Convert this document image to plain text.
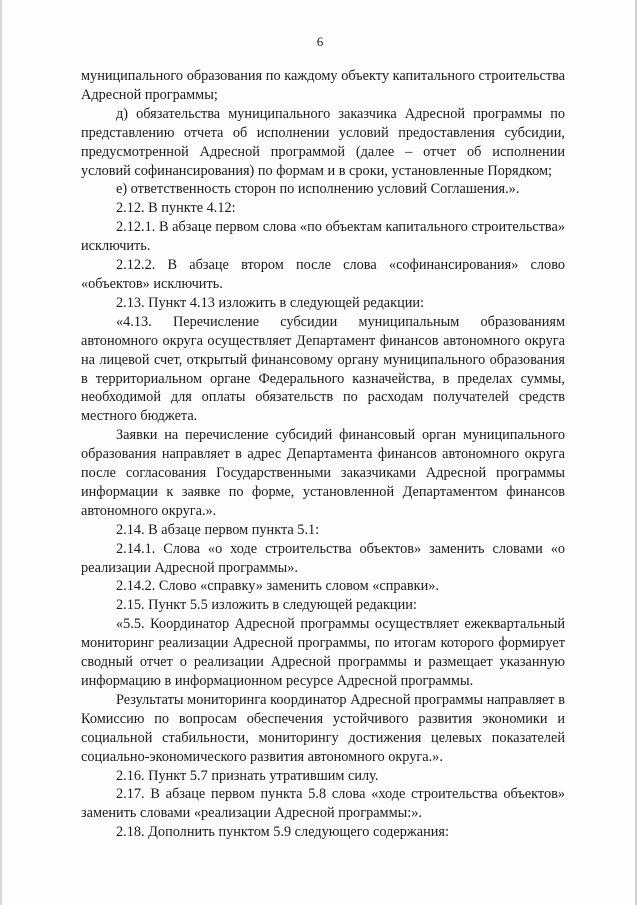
6

муниципального образования по каждому объекту капитального строительства Адресной программы;

д) обязательства муниципального заказчика Адресной программы по представлению отчета об исполнении условий предоставления субсидии, предусмотренной Адресной программой (далее – отчет об исполнении условий софинансирования) по формам и в сроки, установленные Порядком;

е) ответственность сторон по исполнению условий Соглашения.».

2.12. В пункте 4.12:

2.12.1. В абзаце первом слова «по объектам капитального строительства» исключить.

2.12.2. В абзаце втором после слова «софинансирования» слово «объектов» исключить.

2.13. Пункт 4.13 изложить в следующей редакции:

«4.13. Перечисление субсидии муниципальным образованиям автономного округа осуществляет Департамент финансов автономного округа на лицевой счет, открытый финансовому органу муниципального образования в территориальном органе Федерального казначейства, в пределах суммы, необходимой для оплаты обязательств по расходам получателей средств местного бюджета.

Заявки на перечисление субсидий финансовый орган муниципального образования направляет в адрес Департамента финансов автономного округа после согласования Государственными заказчиками Адресной программы информации к заявке по форме, установленной Департаментом финансов автономного округа.».

2.14. В абзаце первом пункта 5.1:

2.14.1. Слова «о ходе строительства объектов» заменить словами «о реализации Адресной программы».

2.14.2. Слово «справку» заменить словом «справки».

2.15. Пункт 5.5 изложить в следующей редакции:

«5.5. Координатор Адресной программы осуществляет ежеквартальный мониторинг реализации Адресной программы, по итогам которого формирует сводный отчет о реализации Адресной программы и размещает указанную информацию в информационном ресурсе Адресной программы.

Результаты мониторинга координатор Адресной программы направляет в Комиссию по вопросам обеспечения устойчивого развития экономики и социальной стабильности, мониторингу достижения целевых показателей социально-экономического развития автономного округа.».

2.16. Пункт 5.7 признать утратившим силу.

2.17. В абзаце первом пункта 5.8 слова «ходе строительства объектов» заменить словами «реализации Адресной программы:».

2.18. Дополнить пунктом 5.9 следующего содержания:
